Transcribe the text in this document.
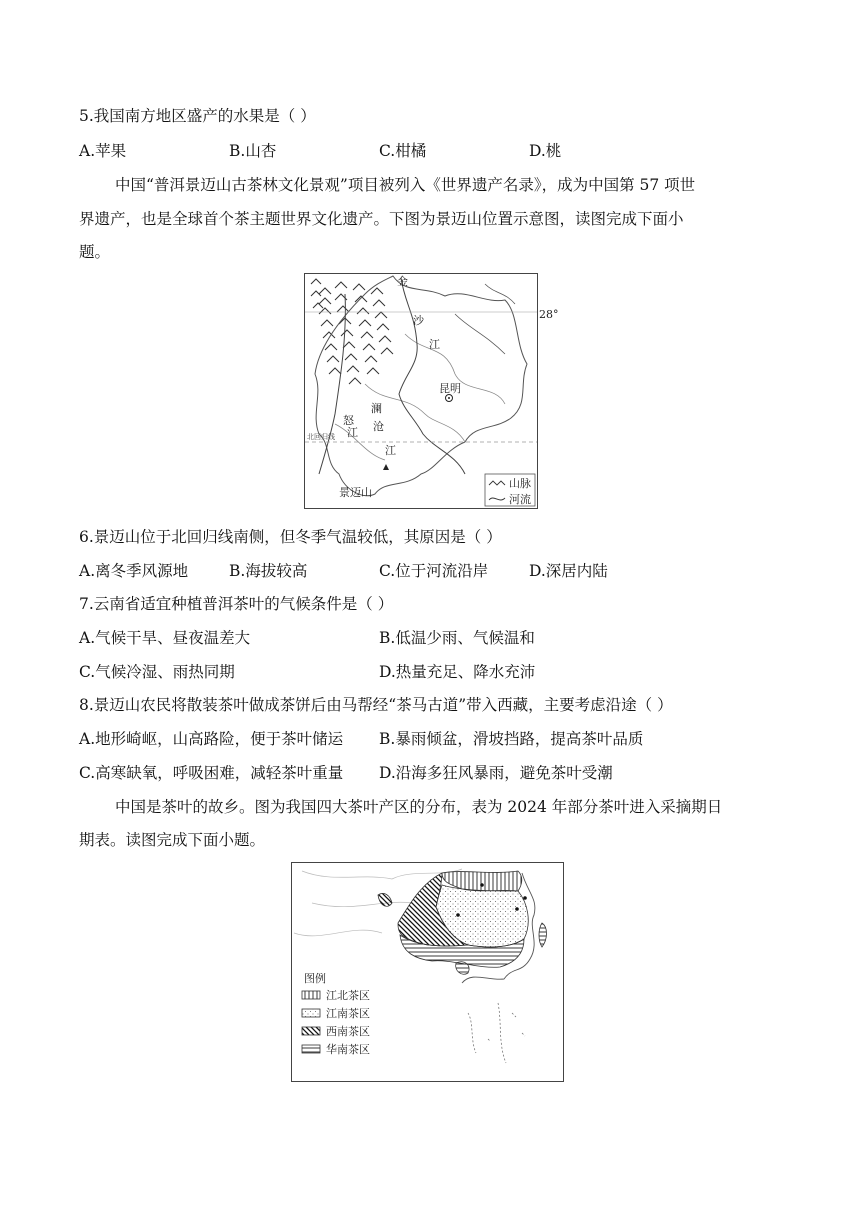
5.我国南方地区盛产的水果是（ ）
A.苹果	B.山杏	C.柑橘	D.桃
中国“普洱景迈山古茶林文化景观”项目被列入《世界遗产名录》，成为中国第 57 项世
界遗产，也是全球首个茶主题世界文化遗产。下图为景迈山位置示意图，读图完成下面小
题。
金
沙
江
28°
昆明
怒
澜
江 沧
江
北回归线
景迈山
山脉
河流
6.景迈山位于北回归线南侧，但冬季气温较低，其原因是（ ）
A.离冬季风源地	B.海拔较高	C.位于河流沿岸	D.深居内陆
7.云南省适宜种植普洱茶叶的气候条件是（ ）
A.气候干旱、昼夜温差大	B.低温少雨、气候温和
C.气候冷湿、雨热同期	D.热量充足、降水充沛
8.景迈山农民将散装茶叶做成茶饼后由马帮经“茶马古道”带入西藏，主要考虑沿途（ ）
A.地形崎岖，山高路险，便于茶叶储运 B.暴雨倾盆，滑坡挡路，提高茶叶品质
C.高寒缺氧，呼吸困难，减轻茶叶重量 D.沿海多狂风暴雨，避免茶叶受潮
中国是茶叶的故乡。图为我国四大茶叶产区的分布，表为 2024 年部分茶叶进入采摘期日
期表。读图完成下面小题。
图例
江北茶区
江南茶区
西南茶区
华南茶区
